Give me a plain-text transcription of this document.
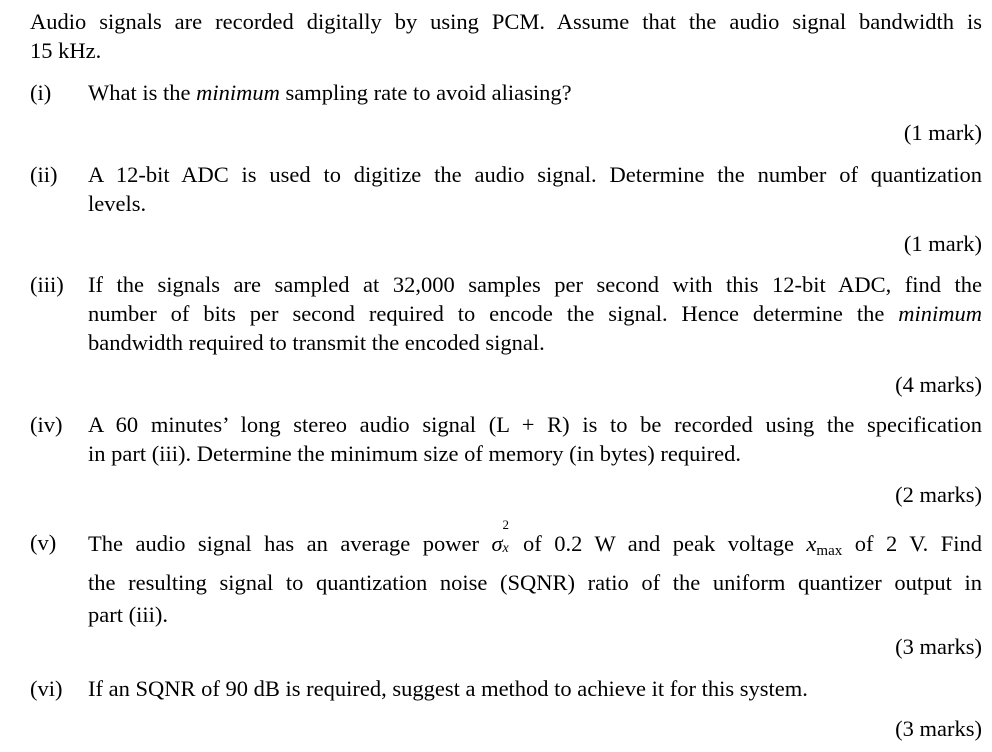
Audio signals are recorded digitally by using PCM. Assume that the audio signal bandwidth is
15 kHz.
(i) What is the minimum sampling rate to avoid aliasing?
(1 mark)
(ii) A 12-bit ADC is used to digitize the audio signal. Determine the number of quantization
levels.
(1 mark)
(iii) If the signals are sampled at 32,000 samples per second with this 12-bit ADC, find the
number of bits per second required to encode the signal. Hence determine the minimum
bandwidth required to transmit the encoded signal.
(4 marks)
(iv) A 60 minutes’ long stereo audio signal (L + R) is to be recorded using the specification
in part (iii). Determine the minimum size of memory (in bytes) required.
(2 marks)
(v) The audio signal has an average power σ
2
x of 0.2 W and peak voltage $x_{max}$ of 2 V. Find
the resulting signal to quantization noise (SQNR) ratio of the uniform quantizer output in
part (iii).
(3 marks)
(vi) If an SQNR of 90 dB is required, suggest a method to achieve it for this system.
(3 marks)
